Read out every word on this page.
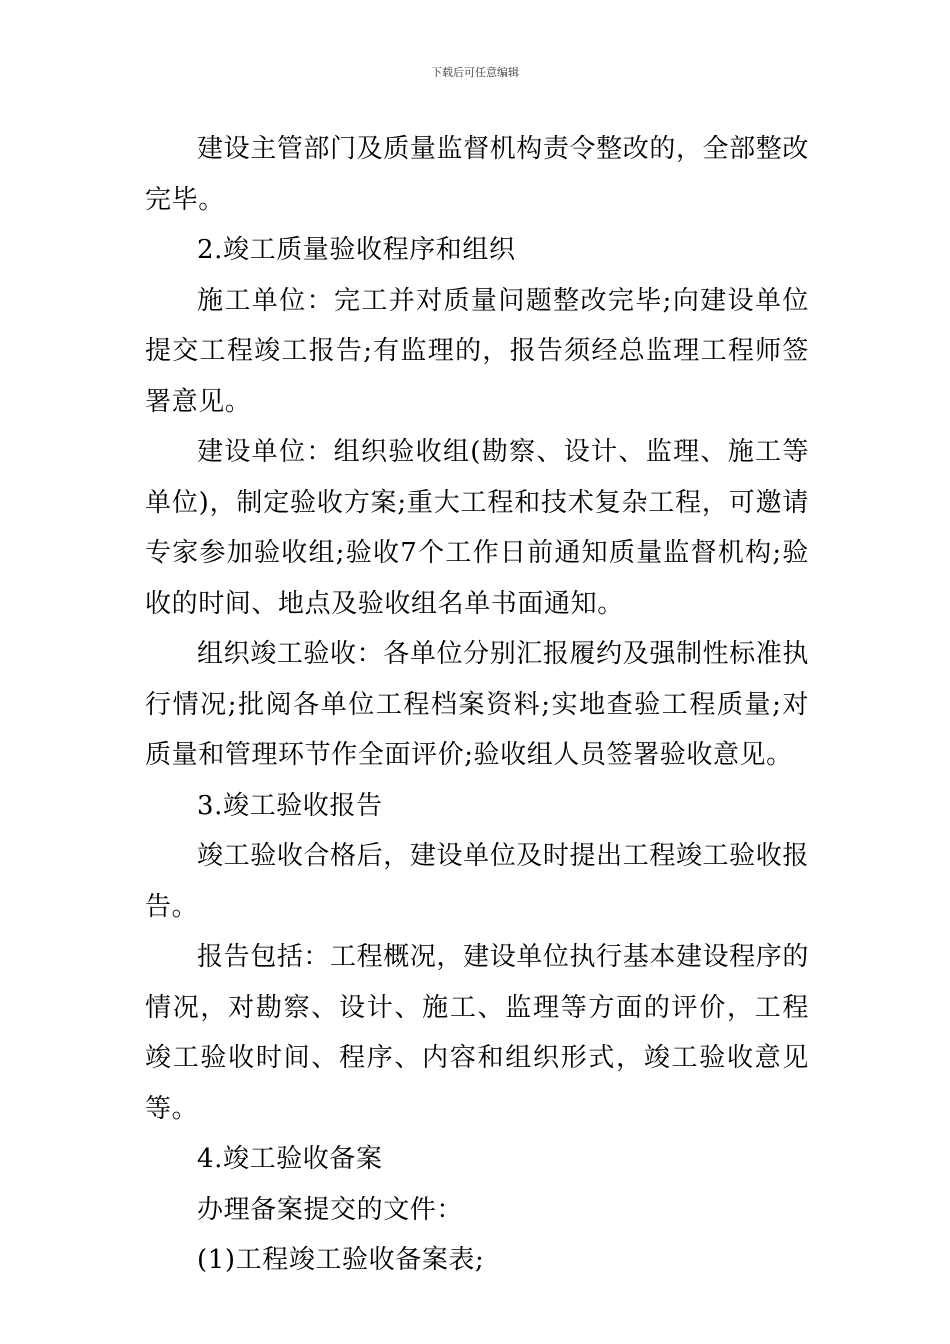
下载后可任意编辑

建设主管部门及质量监督机构责令整改的，全部整改完毕。

2.竣工质量验收程序和组织

施工单位：完工并对质量问题整改完毕;向建设单位提交工程竣工报告;有监理的，报告须经总监理工程师签署意见。

建设单位：组织验收组(勘察、设计、监理、施工等单位)，制定验收方案;重大工程和技术复杂工程，可邀请专家参加验收组;验收7个工作日前通知质量监督机构;验收的时间、地点及验收组名单书面通知。

组织竣工验收：各单位分别汇报履约及强制性标准执行情况;批阅各单位工程档案资料;实地查验工程质量;对质量和管理环节作全面评价;验收组人员签署验收意见。

3.竣工验收报告

竣工验收合格后，建设单位及时提出工程竣工验收报告。

报告包括：工程概况，建设单位执行基本建设程序的情况，对勘察、设计、施工、监理等方面的评价，工程竣工验收时间、程序、内容和组织形式，竣工验收意见等。

4.竣工验收备案

办理备案提交的文件：

(1)工程竣工验收备案表;
